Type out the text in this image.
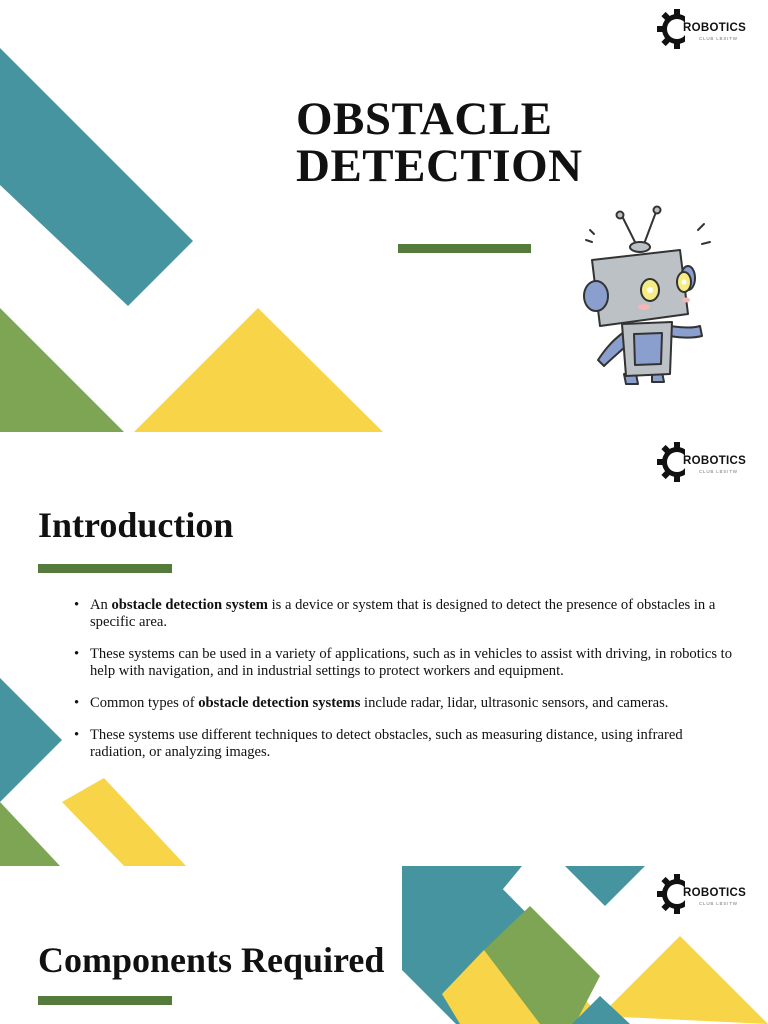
ROBOTICS
CLUB LBSITW
OBSTACLE
DETECTION
ROBOTICS
CLUB LBSITW
Introduction
• An obstacle detection system is a device or system that is designed to detect the presence of obstacles in a specific area.
• These systems can be used in a variety of applications, such as in vehicles to assist with driving, in robotics to help with navigation, and in industrial settings to protect workers and equipment.
• Common types of obstacle detection systems include radar, lidar, ultrasonic sensors, and cameras.
• These systems use different techniques to detect obstacles, such as measuring distance, using infrared radiation, or analyzing images.
ROBOTICS
CLUB LBSITW
Components Required
